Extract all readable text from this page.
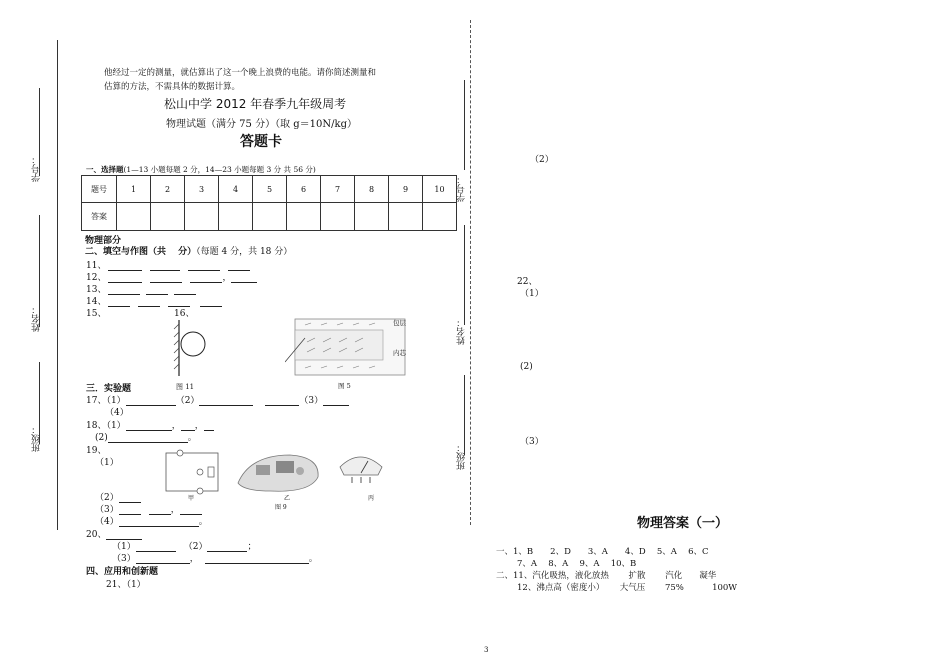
学号：
姓名：
班级：
学号：
姓名：
班级：
他经过一定的测量，就估算出了这一个晚上浪费的电能。请你简述测量和
估算的方法，不需具体的数据计算。
松山中学 2012 年春季九年级周考
物理试题（满分 75 分）（取 g＝10N/kg）
答题卡
一、选择题(1—13 小题每题 2 分，14—23 小题每题 3 分 共 56 分)
题号	1	2	3	4	5	6	7	8	9	10
答案										
物理部分
二、填空与作图（共　 分）（每题 4 分，共 18 分）
11、
12、	，
13、
14、
15、	16、
图 11
包层
内芯
图 5
三．实验题
17、（1）	（2）	（3）
（4）
18、（1）	， ，
(2)	。
19、
（1）
甲	乙	丙
图 9
（2）
（3）	，
（4）	。
20、
（1）	（2）	；
（3）	，	。
四、应用和创新题
21、（1）
（2）
22、
（1）
(2)
（3）
物理答案（一）
一、1、B　　2、D　　3、A　　4、D　 5、A　 6、C
7、A　 8、A　 9、A　 10、B
二、11、汽化吸热，液化放热　　 扩散　　 汽化　　凝华
12、沸点高（密度小）　　 大气压　　 75%　　　 100W
3
